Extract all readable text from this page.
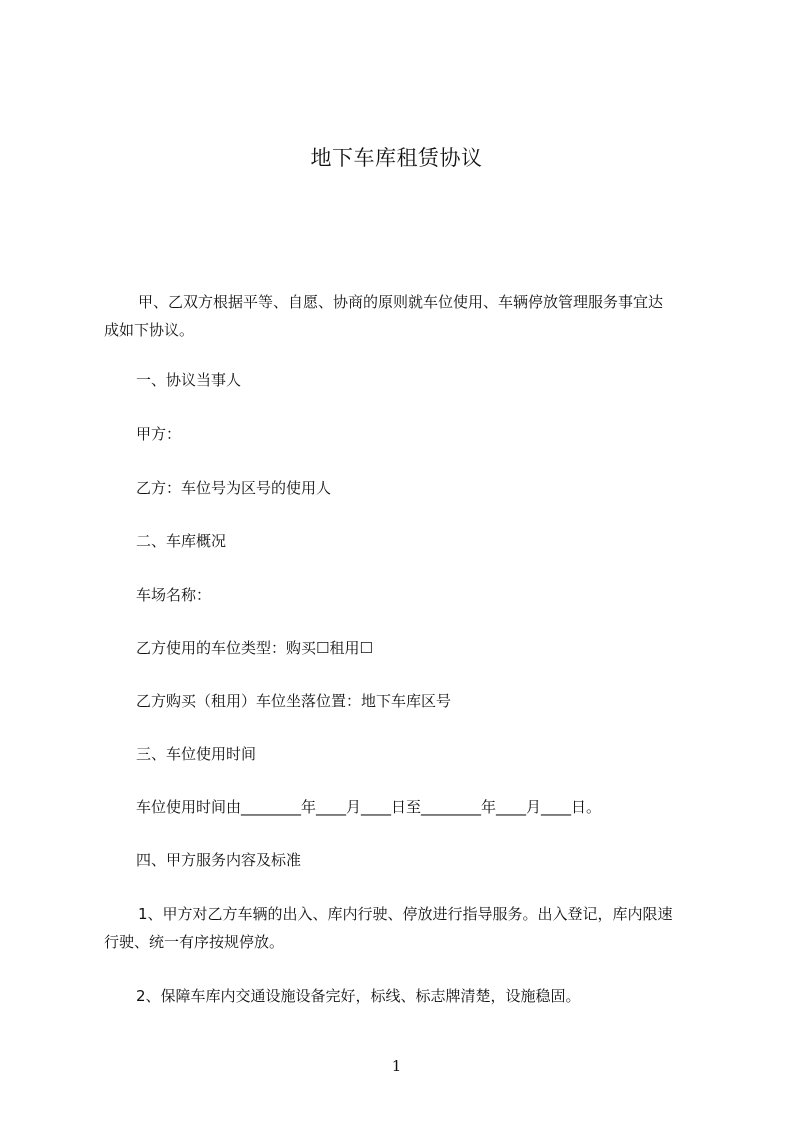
地下车库租赁协议

甲、乙双方根据平等、自愿、协商的原则就车位使用、车辆停放管理服务事宜达

成如下协议。

一、协议当事人

甲方：

乙方：车位号为区号的使用人

二、车库概况

车场名称：

乙方使用的车位类型：购买☐租用☐

乙方购买（租用）车位坐落位置：地下车库区号

三、车位使用时间

车位使用时间由________年____月____日至________年____月____日。

四、甲方服务内容及标准

1、甲方对乙方车辆的出入、库内行驶、停放进行指导服务。出入登记，库内限速

行驶、统一有序按规停放。

2、保障车库内交通设施设备完好，标线、标志牌清楚，设施稳固。

1
